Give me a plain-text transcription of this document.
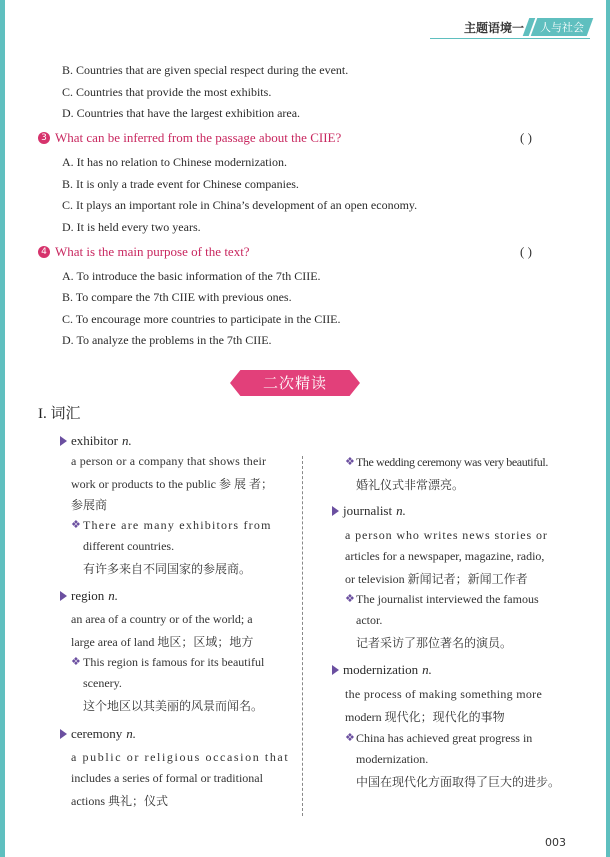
主题语境一	人与社会
B. Countries that are given special respect during the event.
C. Countries that provide the most exhibits.
D. Countries that have the largest exhibition area.
3 What can be inferred from the passage about the CIIE?	( )
A. It has no relation to Chinese modernization.
B. It is only a trade event for Chinese companies.
C. It plays an important role in China’s development of an open economy.
D. It is held every two years.
4 What is the main purpose of the text?	( )
A. To introduce the basic information of the 7th CIIE.
B. To compare the 7th CIIE with previous ones.
C. To encourage more countries to participate in the CIIE.
D. To analyze the problems in the 7th CIIE.
二次精读
I. 词汇
exhibitor n.
a person or a company that shows their
work or products to the public 参 展 者；
参展商
❖ There are many exhibitors from
different countries.
有许多来自不同国家的参展商。
region n.
an area of a country or of the world; a
large area of land 地区；区域；地方
❖ This region is famous for its beautiful
scenery.
这个地区以其美丽的风景而闻名。
ceremony n.
a public or religious occasion that
includes a series of formal or traditional
actions 典礼；仪式
❖ The wedding ceremony was very beautiful.
婚礼仪式非常漂亮。
journalist n.
a person who writes news stories or
articles for a newspaper, magazine, radio,
or television 新闻记者；新闻工作者
❖ The journalist interviewed the famous
actor.
记者采访了那位著名的演员。
modernization n.
the process of making something more
modern 现代化；现代化的事物
❖ China has achieved great progress in
modernization.
中国在现代化方面取得了巨大的进步。
003
